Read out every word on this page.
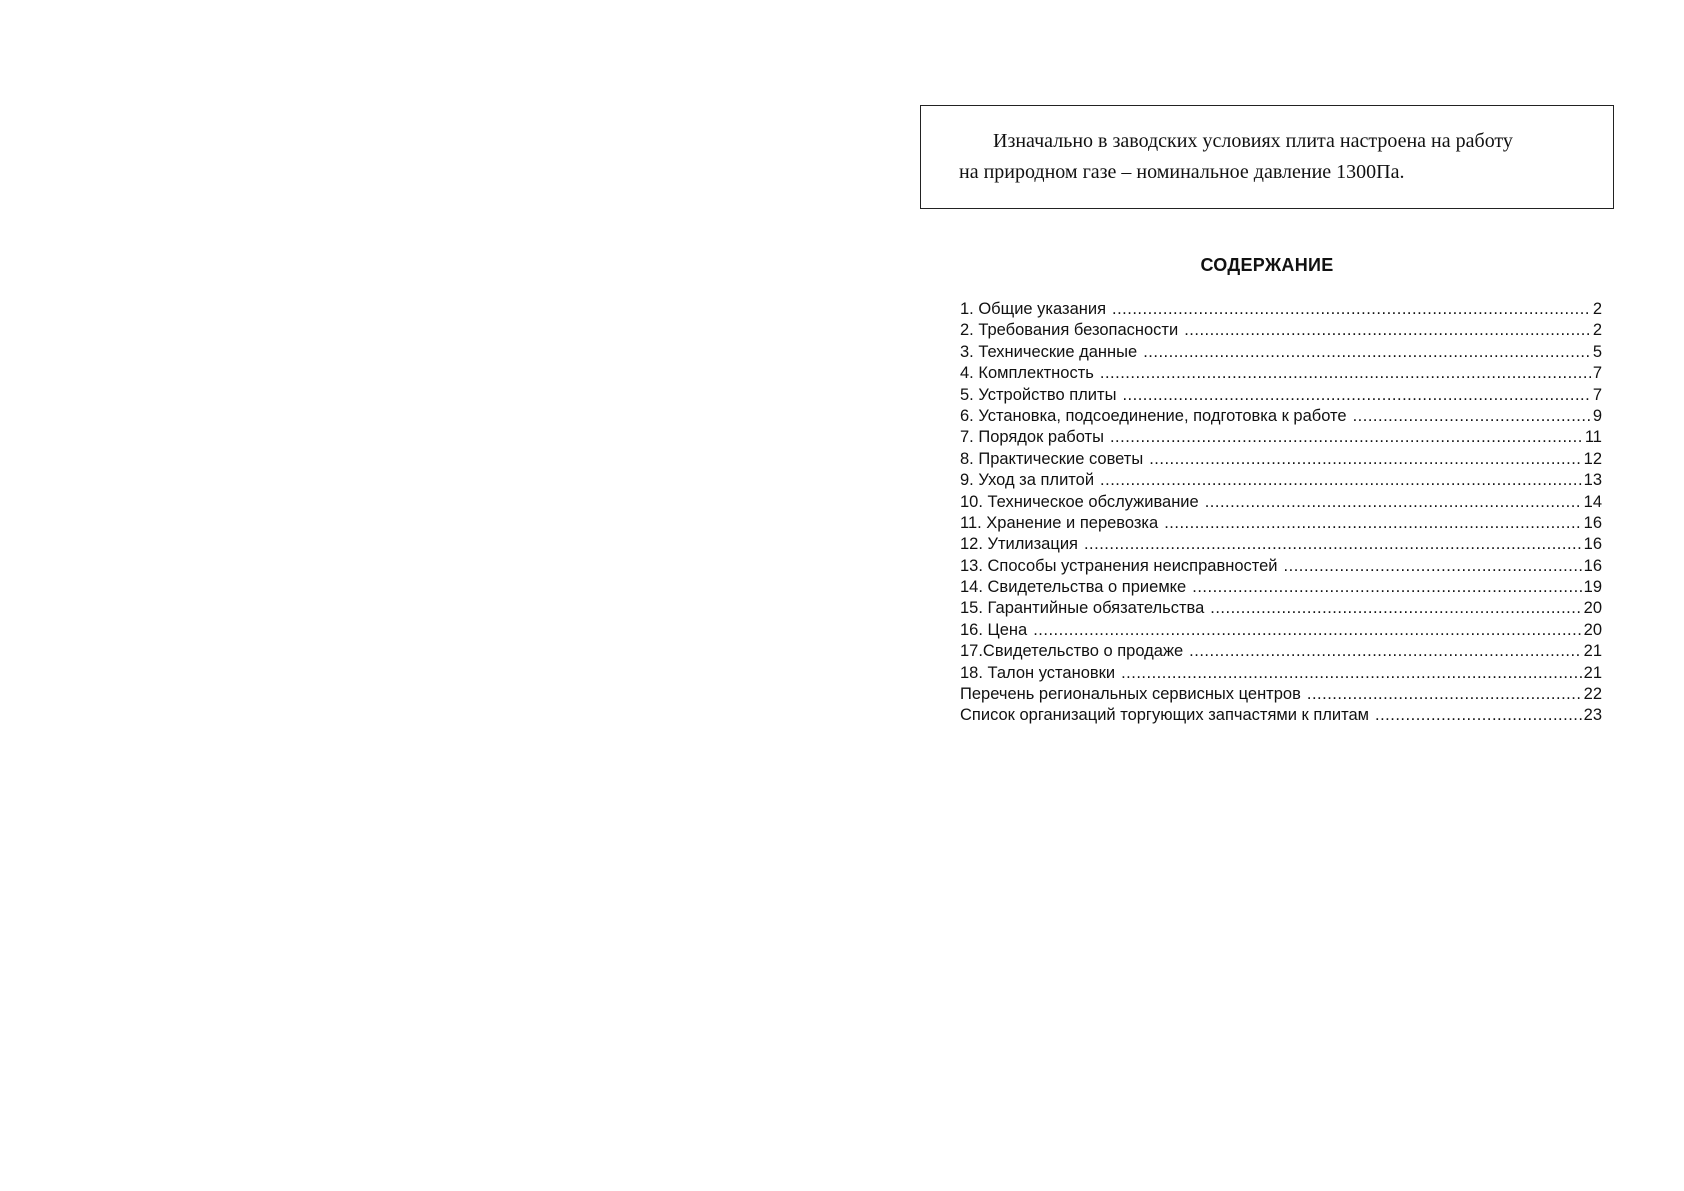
Изначально в заводских условиях плита настроена на работу
на природном газе – номинальное давление 1300Па.
СОДЕРЖАНИЕ
1. Общие указания .....	2
2. Требования безопасности .....	2
3. Технические данные .....	5
4. Комплектность .....	7
5. Устройство плиты .....	7
6. Установка, подсоединение, подготовка к работе .....	9
7. Порядок работы .....	11
8. Практические советы .....	12
9. Уход за плитой .....	13
10. Техническое обслуживание .....	14
11. Хранение и перевозка .....	16
12. Утилизация .....	16
13. Способы устранения неисправностей .....	16
14. Свидетельства о приемке .....	19
15. Гарантийные обязательства .....	20
16. Цена .....	20
17.Свидетельство о продаже .....	21
18. Талон установки .....	21
Перечень региональных сервисных центров .....	22
Список организаций торгующих запчастями к плитам .....	23
